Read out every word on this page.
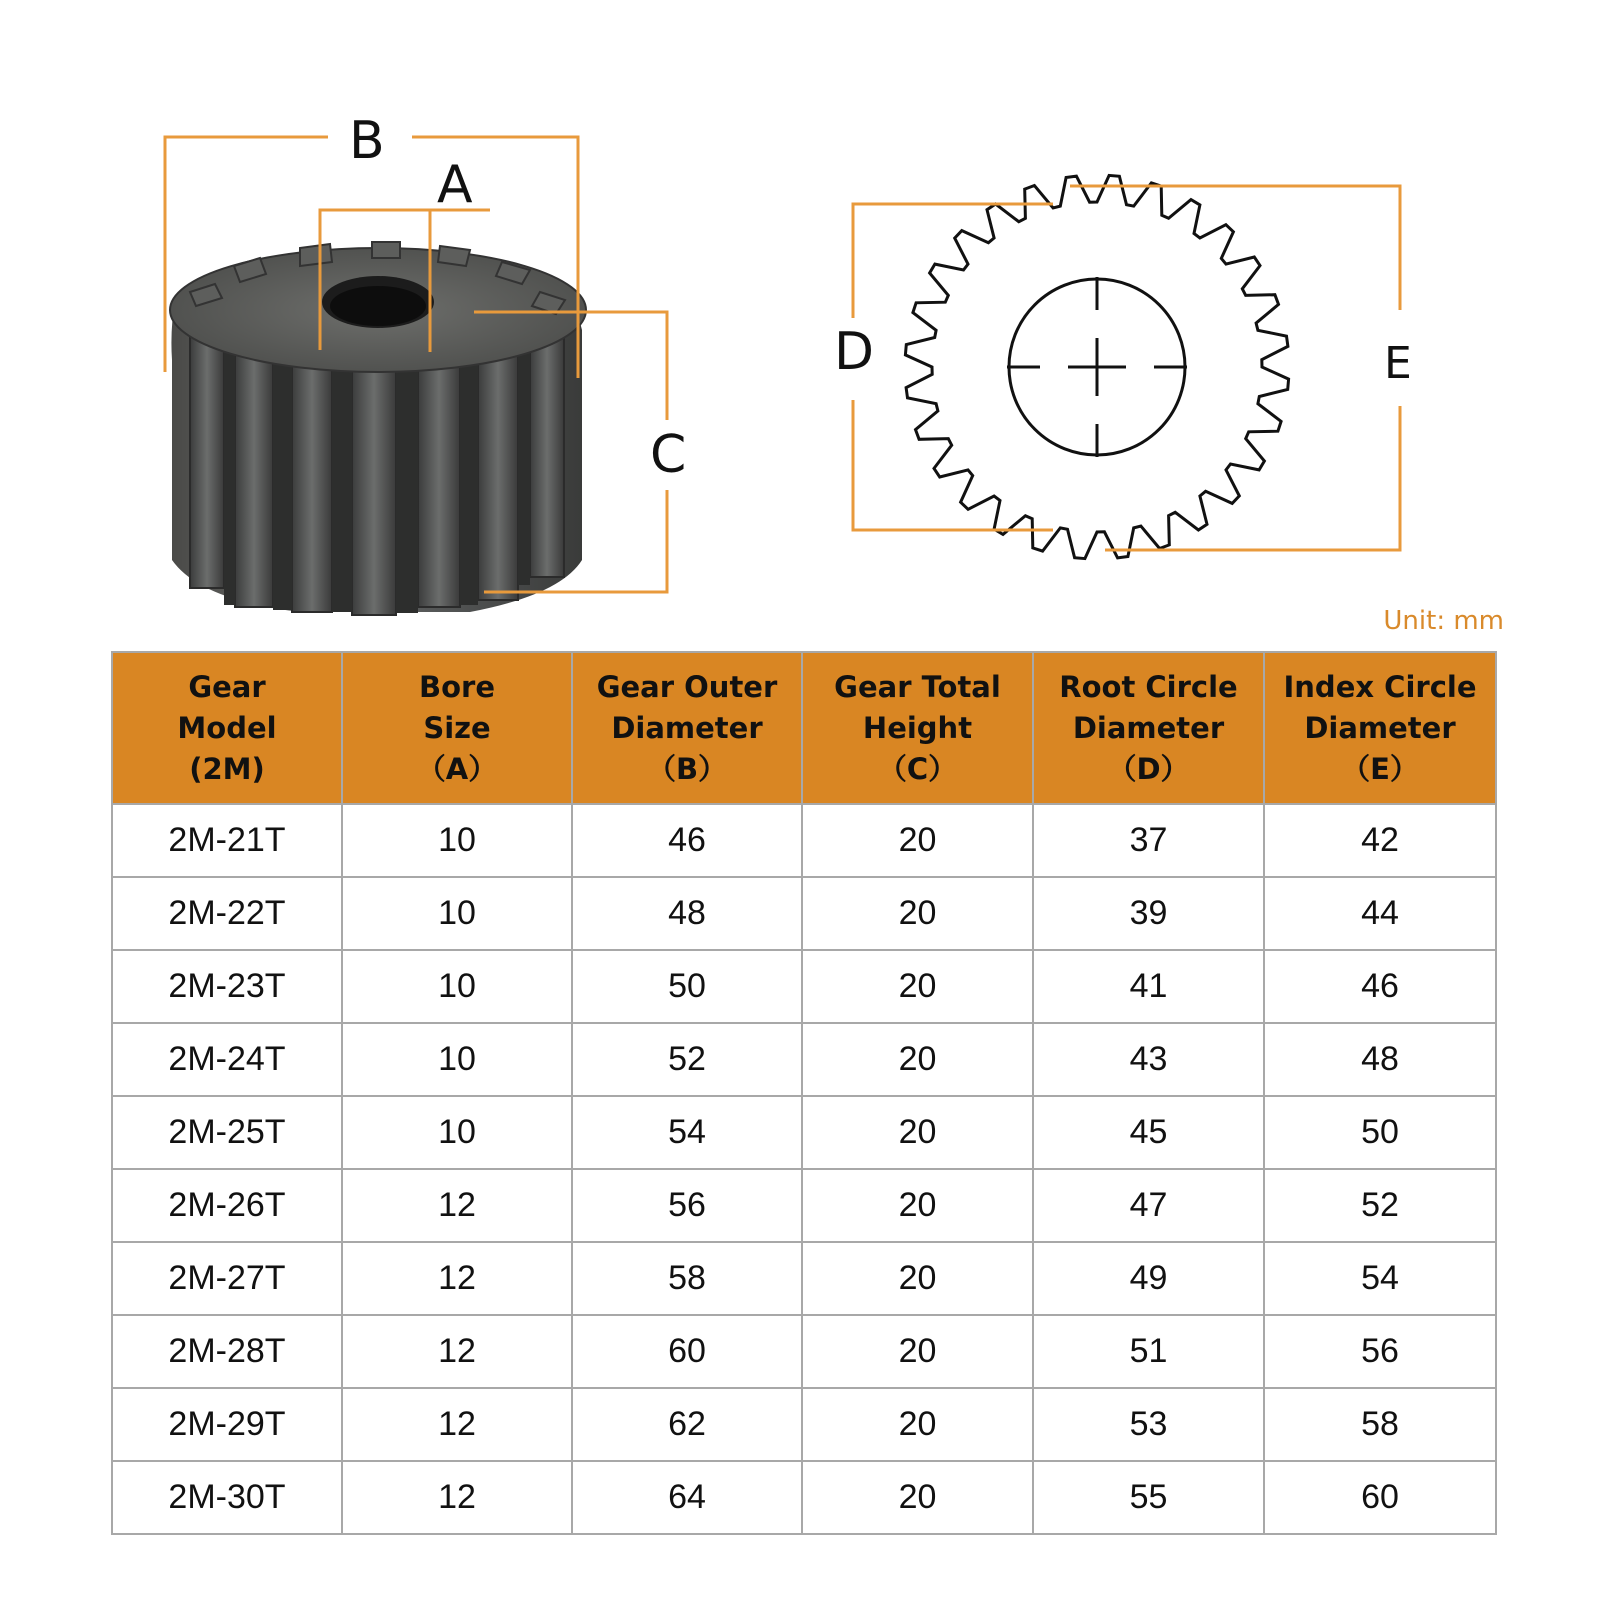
B
A
C
D	E
Unit: mm
Gear
Model
(2M)	Bore
Size
（A）	Gear Outer
Diameter
（B）	Gear Total
Height
（C）	Root Circle
Diameter
（D）	Index Circle
Diameter
（E）

2M-21T	10	46	20	37	42
2M-22T	10	48	20	39	44
2M-23T	10	50	20	41	46
2M-24T	10	52	20	43	48
2M-25T	10	54	20	45	50
2M-26T	12	56	20	47	52
2M-27T	12	58	20	49	54
2M-28T	12	60	20	51	56
2M-29T	12	62	20	53	58
2M-30T	12	64	20	55	60
